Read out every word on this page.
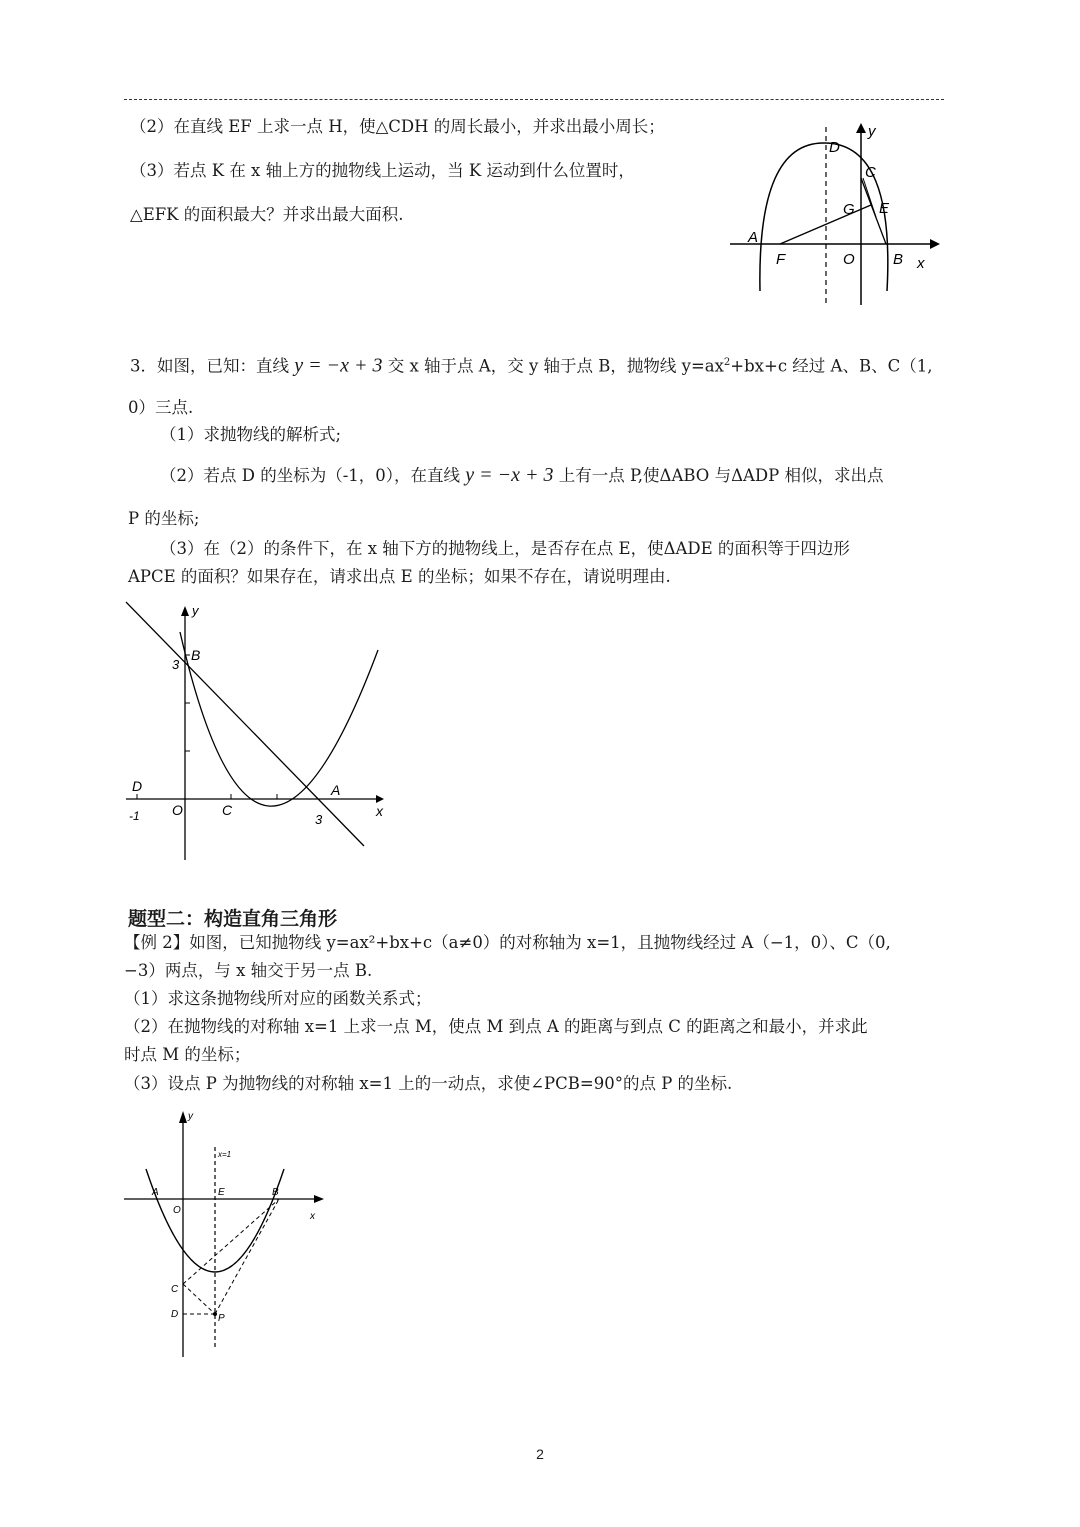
（2）在直线 EF 上求一点 H，使△CDH 的周长最小，并求出最小周长；
（3）若点 K 在 x 轴上方的抛物线上运动，当 K 运动到什么位置时，
△EFK 的面积最大？并求出最大面积.
y
D
C
G E
A
F	O	B x
3．如图，已知：直线 y = −x + 3 交 x 轴于点 A，交 y 轴于点 B，抛物线 $y=ax^2+bx+c$ 经过 A、B、C（1,
0）三点.
（1）求抛物线的解析式;
（2）若点 D 的坐标为（-1，0），在直线 y = −x + 3 上有一点 P,使ΔABO 与ΔADP 相似，求出点
P 的坐标;
（3）在（2）的条件下，在 x 轴下方的抛物线上，是否存在点 E，使ΔADE 的面积等于四边形
APCE 的面积？如果存在，请求出点 E 的坐标；如果不存在，请说明理由.
y
B
3
D
-1 O	C
A
3
x
题型二：构造直角三角形
【例 2】如图，已知抛物线 y=ax²+bx+c（a≠0）的对称轴为 x=1，且抛物线经过 A（−1，0）、C（0,
−3）两点，与 x 轴交于另一点 B.
（1）求这条抛物线所对应的函数关系式；
（2）在抛物线的对称轴 x=1 上求一点 M，使点 M 到点 A 的距离与到点 C 的距离之和最小，并求此
时点 M 的坐标；
（3）设点 P 为抛物线的对称轴 x=1 上的一动点，求使∠PCB=90°的点 P 的坐标.
y
x=1
A	E	B
x
O
C
D	P
2
